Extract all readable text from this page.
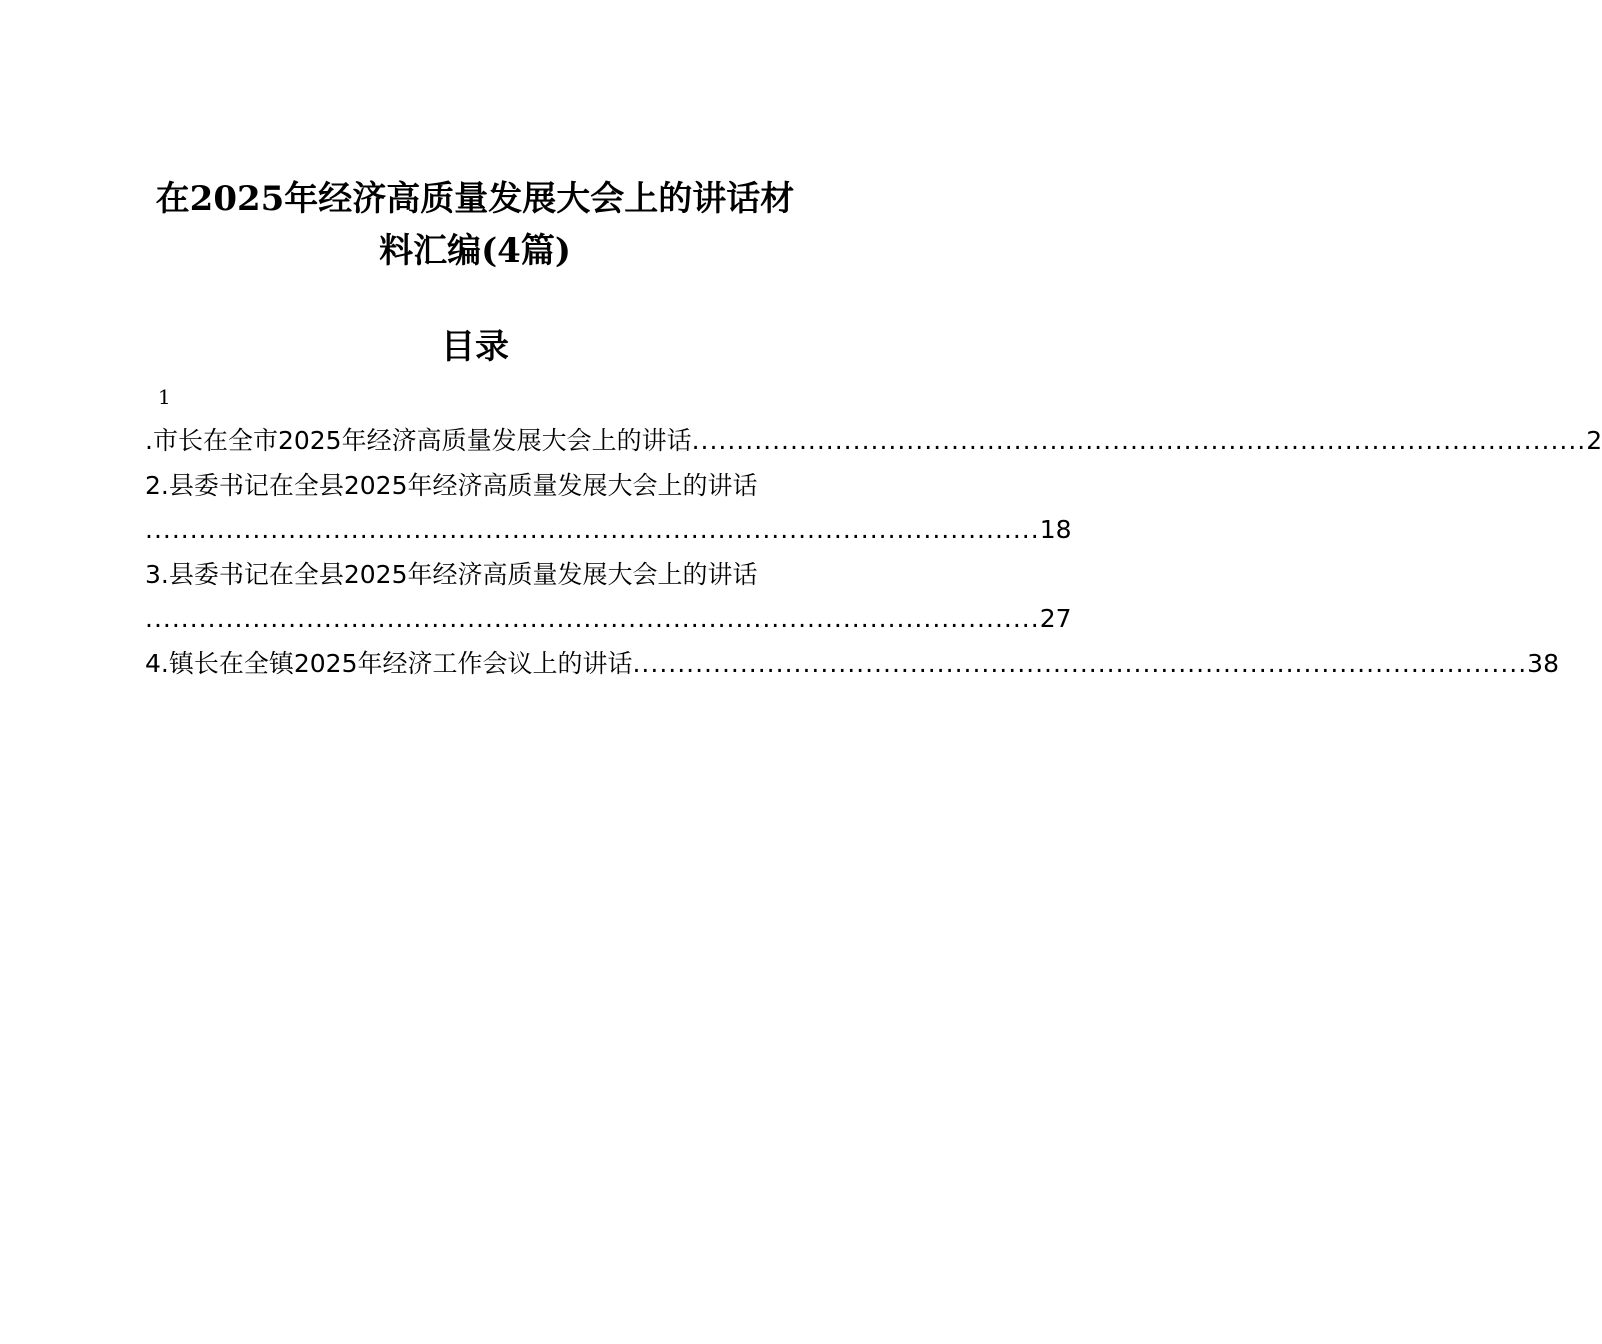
在2025年经济高质量发展大会上的讲话材
料汇编(4篇)
目录
1
.市长在全市2025年经济高质量发展大会上的讲话 .................................................................................................... 2
2.县委书记在全县2025年经济高质量发展大会上的讲话
.................................................................................................... 18
3.县委书记在全县2025年经济高质量发展大会上的讲话
.................................................................................................... 27
4.镇长在全镇2025年经济工作会议上的讲话 .................................................................................................... 38
